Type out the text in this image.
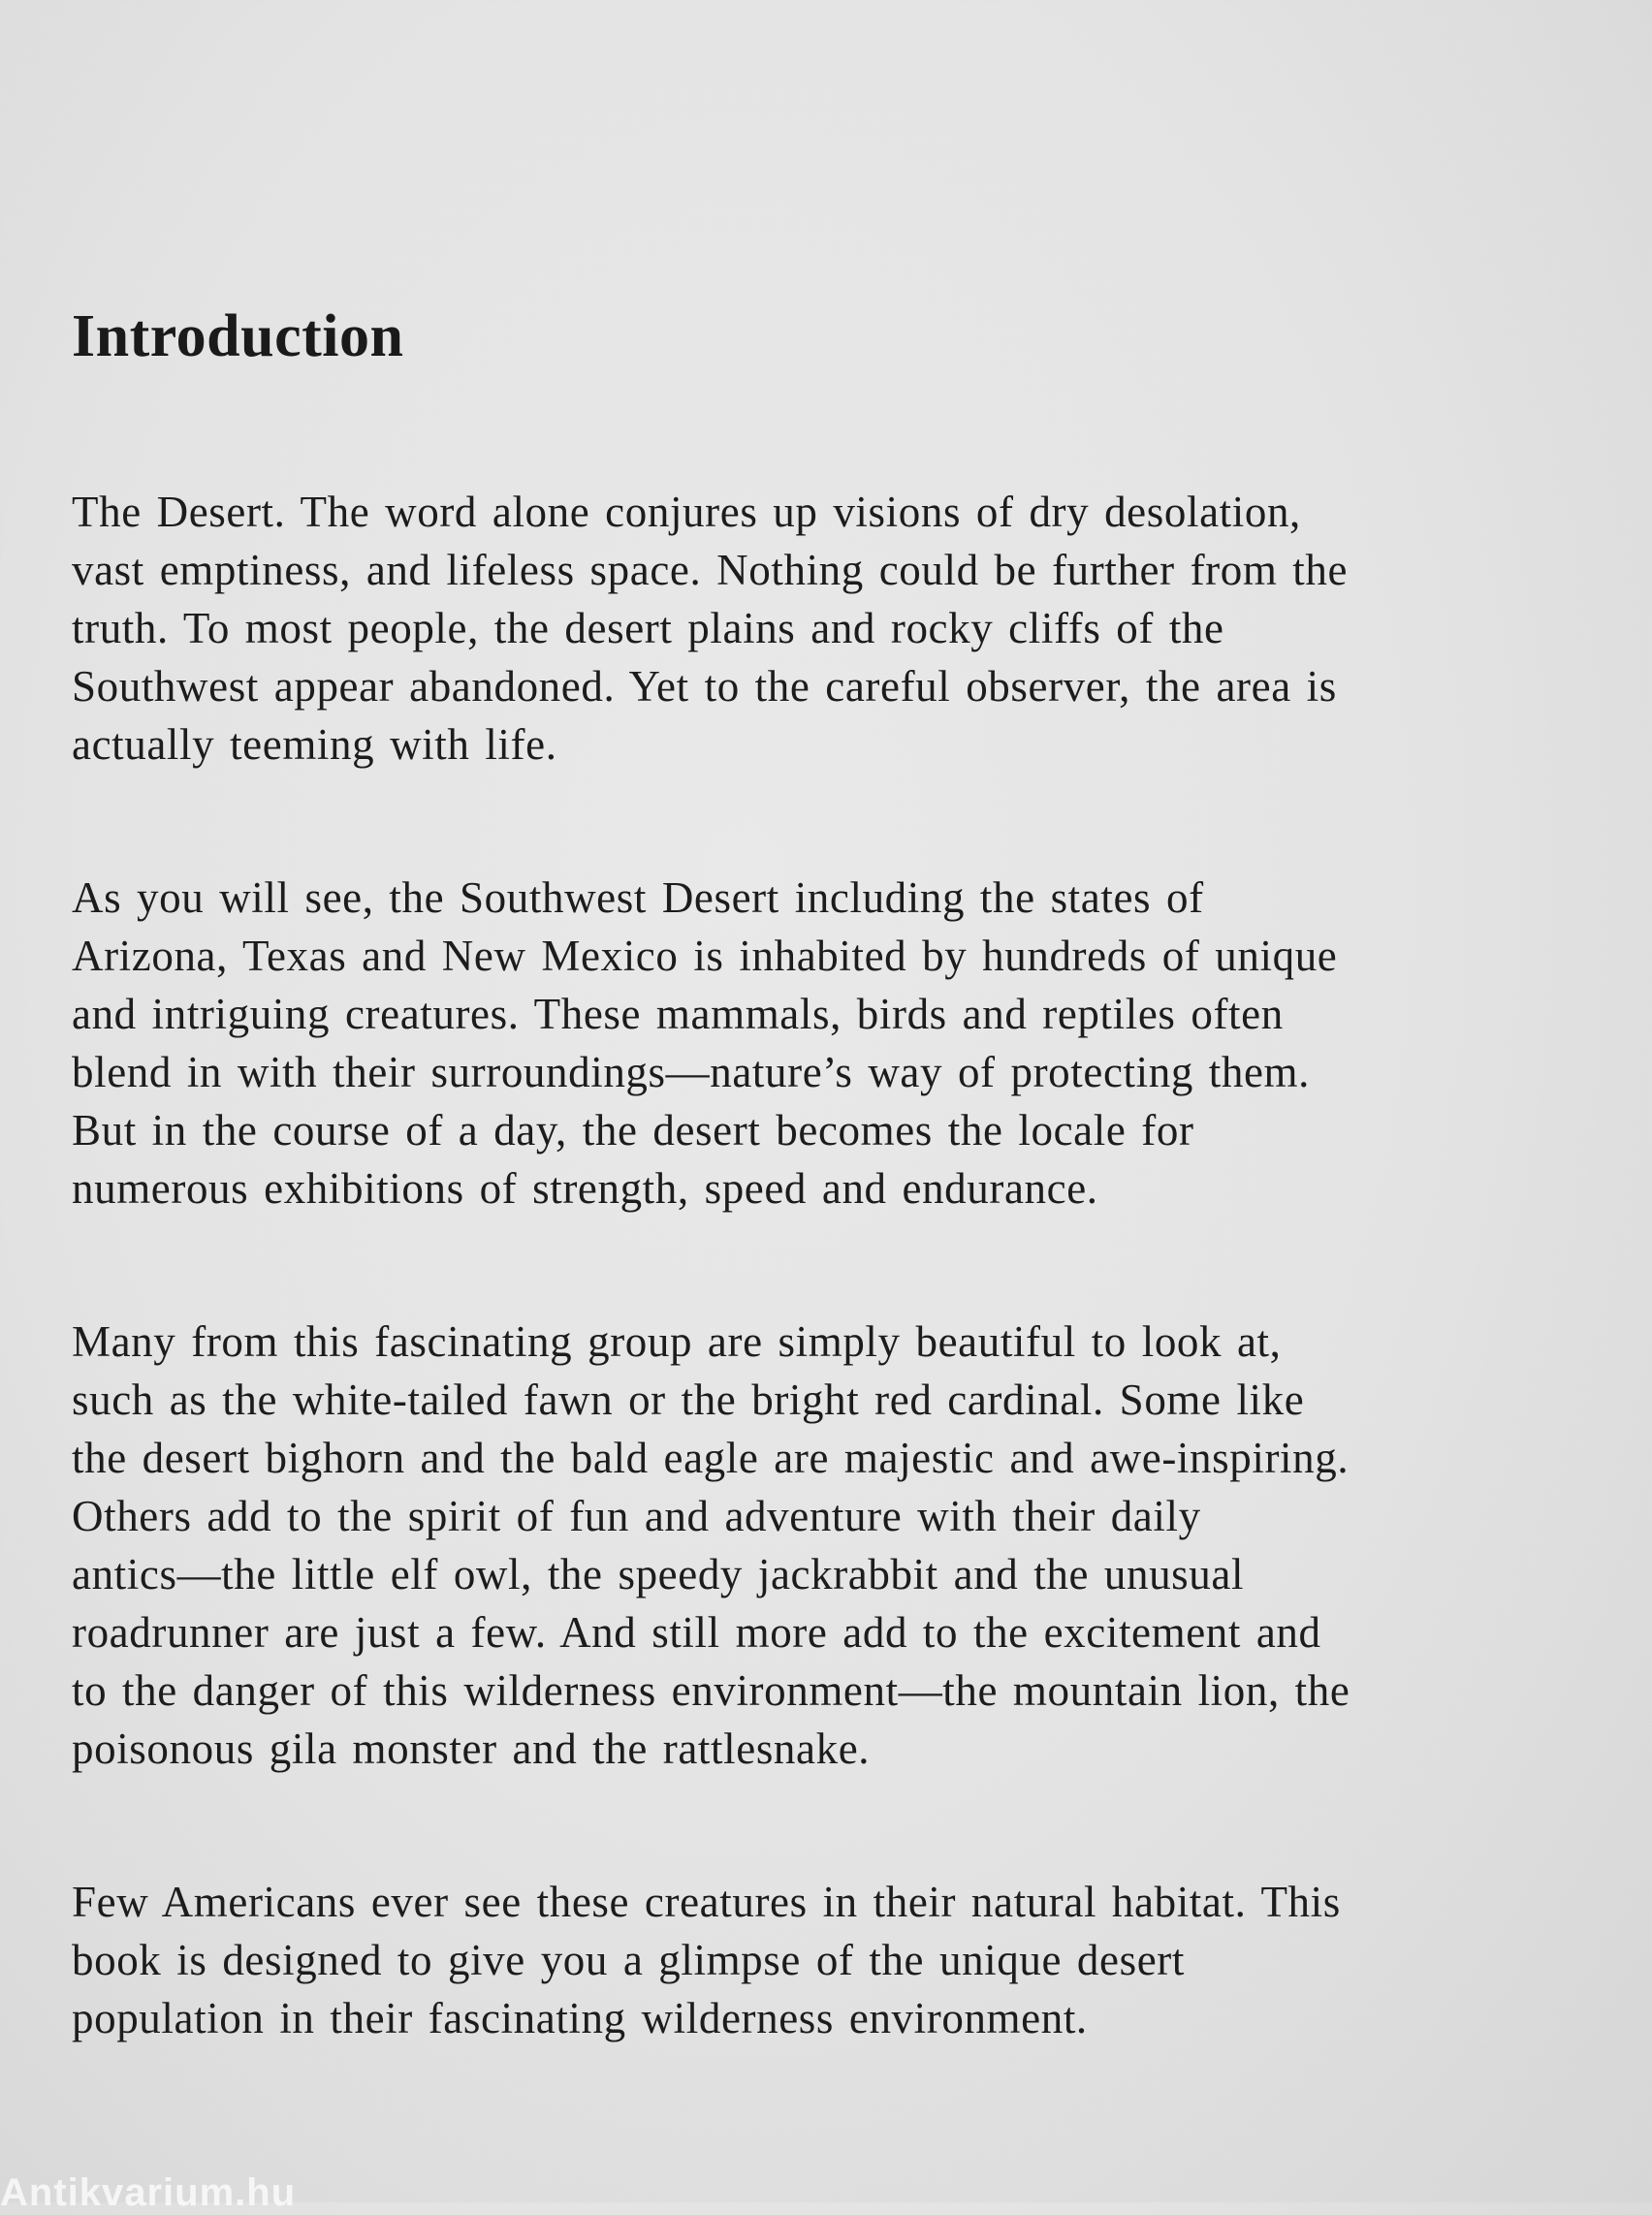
Introduction

The Desert. The word alone conjures up visions of dry desolation,
vast emptiness, and lifeless space. Nothing could be further from the
truth. To most people, the desert plains and rocky cliffs of the
Southwest appear abandoned. Yet to the careful observer, the area is
actually teeming with life.

As you will see, the Southwest Desert including the states of
Arizona, Texas and New Mexico is inhabited by hundreds of unique
and intriguing creatures. These mammals, birds and reptiles often
blend in with their surroundings—nature’s way of protecting them.
But in the course of a day, the desert becomes the locale for
numerous exhibitions of strength, speed and endurance.

Many from this fascinating group are simply beautiful to look at,
such as the white-tailed fawn or the bright red cardinal. Some like
the desert bighorn and the bald eagle are majestic and awe-inspiring.
Others add to the spirit of fun and adventure with their daily
antics—the little elf owl, the speedy jackrabbit and the unusual
roadrunner are just a few. And still more add to the excitement and
to the danger of this wilderness environment—the mountain lion, the
poisonous gila monster and the rattlesnake.

Few Americans ever see these creatures in their natural habitat. This
book is designed to give you a glimpse of the unique desert
population in their fascinating wilderness environment.

Antikvarium.hu
